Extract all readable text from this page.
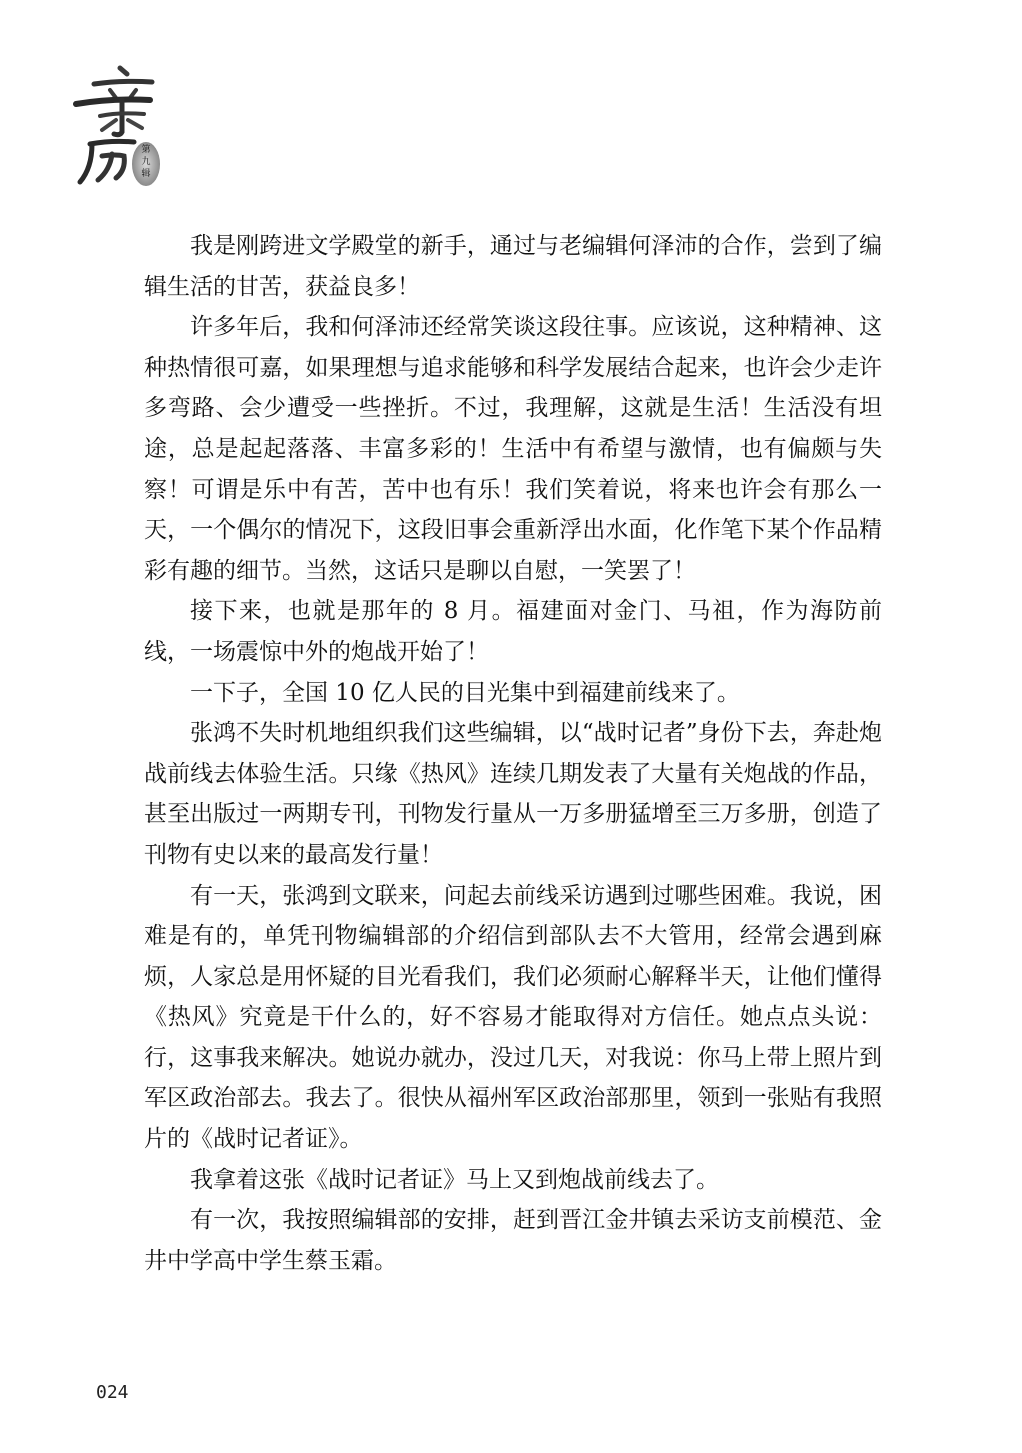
第
九
辑

我是刚跨进文学殿堂的新手，通过与老编辑何泽沛的合作，尝到了编辑生活的甘苦，获益良多！

许多年后，我和何泽沛还经常笑谈这段往事。应该说，这种精神、这种热情很可嘉，如果理想与追求能够和科学发展结合起来，也许会少走许多弯路、会少遭受一些挫折。不过，我理解，这就是生活！生活没有坦途，总是起起落落、丰富多彩的！生活中有希望与激情，也有偏颇与失察！可谓是乐中有苦，苦中也有乐！我们笑着说，将来也许会有那么一天，一个偶尔的情况下，这段旧事会重新浮出水面，化作笔下某个作品精彩有趣的细节。当然，这话只是聊以自慰，一笑罢了！

接下来，也就是那年的 8 月。福建面对金门、马祖，作为海防前线，一场震惊中外的炮战开始了！

一下子，全国 10 亿人民的目光集中到福建前线来了。

张鸿不失时机地组织我们这些编辑，以“战时记者”身份下去，奔赴炮战前线去体验生活。只缘《热风》连续几期发表了大量有关炮战的作品，甚至出版过一两期专刊，刊物发行量从一万多册猛增至三万多册，创造了刊物有史以来的最高发行量！

有一天，张鸿到文联来，问起去前线采访遇到过哪些困难。我说，困难是有的，单凭刊物编辑部的介绍信到部队去不大管用，经常会遇到麻烦，人家总是用怀疑的目光看我们，我们必须耐心解释半天，让他们懂得《热风》究竟是干什么的，好不容易才能取得对方信任。她点点头说：行，这事我来解决。她说办就办，没过几天，对我说：你马上带上照片到军区政治部去。我去了。很快从福州军区政治部那里，领到一张贴有我照片的《战时记者证》。

我拿着这张《战时记者证》马上又到炮战前线去了。

有一次，我按照编辑部的安排，赶到晋江金井镇去采访支前模范、金井中学高中学生蔡玉霜。

024
